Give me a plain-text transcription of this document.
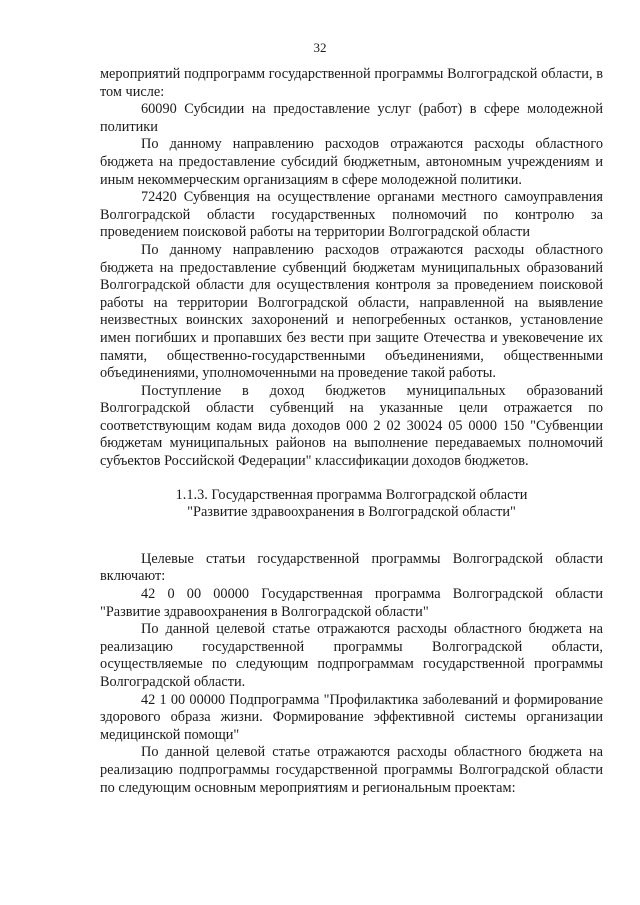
32

мероприятий подпрограмм государственной программы Волгоградской области, в том числе:

60090 Субсидии на предоставление услуг (работ) в сфере молодежной политики

По данному направлению расходов отражаются расходы областного бюджета на предоставление субсидий бюджетным, автономным учреждениям и иным некоммерческим организациям в сфере молодежной политики.

72420 Субвенция на осуществление органами местного самоуправления Волгоградской области государственных полномочий по контролю за проведением поисковой работы на территории Волгоградской области

По данному направлению расходов отражаются расходы областного бюджета на предоставление субвенций бюджетам муниципальных образований Волгоградской области для осуществления контроля за проведением поисковой работы на территории Волгоградской области, направленной на выявление неизвестных воинских захоронений и непогребенных останков, установление имен погибших и пропавших без вести при защите Отечества и увековечение их памяти, общественно-государственными объединениями, общественными объединениями, уполномоченными на проведение такой работы.

Поступление в доход бюджетов муниципальных образований Волгоградской области субвенций на указанные цели отражается по соответствующим кодам вида доходов 000 2 02 30024 05 0000 150 "Субвенции бюджетам муниципальных районов на выполнение передаваемых полномочий субъектов Российской Федерации" классификации доходов бюджетов.

1.1.3. Государственная программа Волгоградской области
"Развитие здравоохранения в Волгоградской области"

Целевые статьи государственной программы Волгоградской области включают:

42 0 00 00000 Государственная программа Волгоградской области "Развитие здравоохранения в Волгоградской области"

По данной целевой статье отражаются расходы областного бюджета на реализацию государственной программы Волгоградской области, осуществляемые по следующим подпрограммам государственной программы Волгоградской области.

42 1 00 00000 Подпрограмма "Профилактика заболеваний и формирование здорового образа жизни. Формирование эффективной системы организации медицинской помощи"

По данной целевой статье отражаются расходы областного бюджета на реализацию подпрограммы государственной программы Волгоградской области по следующим основным мероприятиям и региональным проектам:
